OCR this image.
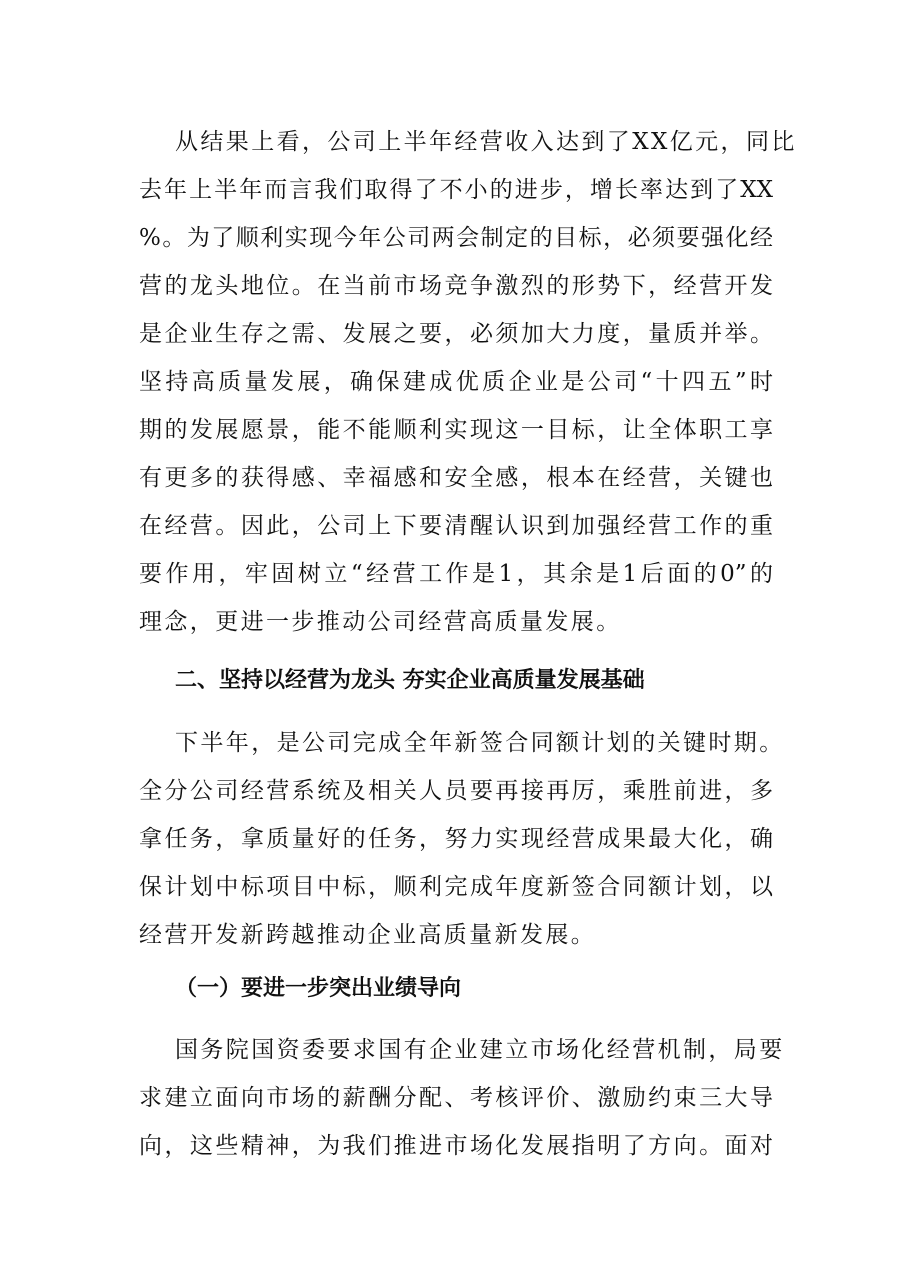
从结果上看，公司上半年经营收入达到了XX亿元，同比
去年上半年而言我们取得了不小的进步，增长率达到了XX
%。为了顺利实现今年公司两会制定的目标，必须要强化经
营的龙头地位。在当前市场竞争激烈的形势下，经营开发
是企业生存之需、发展之要，必须加大力度，量质并举。
坚持高质量发展，确保建成优质企业是公司“十四五”时
期的发展愿景，能不能顺利实现这一目标，让全体职工享
有更多的获得感、幸福感和安全感，根本在经营，关键也
在经营。因此，公司上下要清醒认识到加强经营工作的重
要作用，牢固树立“经营工作是1，其余是1后面的0”的
理念，更进一步推动公司经营高质量发展。
二、坚持以经营为龙头 夯实企业高质量发展基础
下半年，是公司完成全年新签合同额计划的关键时期。
全分公司经营系统及相关人员要再接再厉，乘胜前进，多
拿任务，拿质量好的任务，努力实现经营成果最大化，确
保计划中标项目中标，顺利完成年度新签合同额计划，以
经营开发新跨越推动企业高质量新发展。
（一）要进一步突出业绩导向
国务院国资委要求国有企业建立市场化经营机制，局要
求建立面向市场的薪酬分配、考核评价、激励约束三大导
向，这些精神，为我们推进市场化发展指明了方向。面对
